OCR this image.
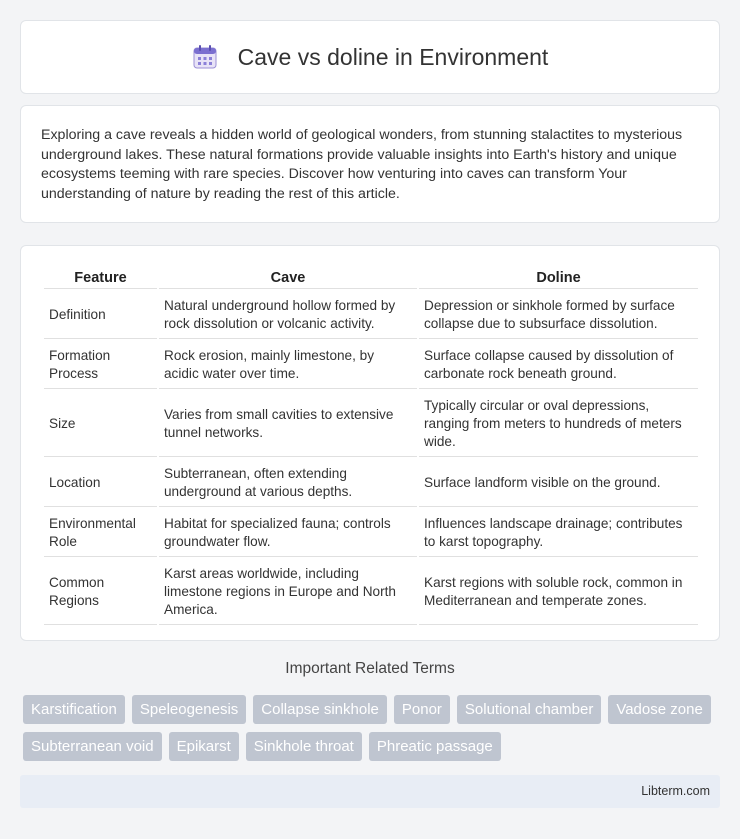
Cave vs doline in Environment

Exploring a cave reveals a hidden world of geological wonders, from stunning stalactites to mysterious underground lakes. These natural formations provide valuable insights into Earth's history and unique ecosystems teeming with rare species. Discover how venturing into caves can transform Your understanding of nature by reading the rest of this article.

Feature	Cave	Doline
Definition	Natural underground hollow formed by rock dissolution or volcanic activity.	Depression or sinkhole formed by surface collapse due to subsurface dissolution.
Formation Process	Rock erosion, mainly limestone, by acidic water over time.	Surface collapse caused by dissolution of carbonate rock beneath ground.
Size	Varies from small cavities to extensive tunnel networks.	Typically circular or oval depressions, ranging from meters to hundreds of meters wide.
Location	Subterranean, often extending underground at various depths.	Surface landform visible on the ground.
Environmental Role	Habitat for specialized fauna; controls groundwater flow.	Influences landscape drainage; contributes to karst topography.
Common Regions	Karst areas worldwide, including limestone regions in Europe and North America.	Karst regions with soluble rock, common in Mediterranean and temperate zones.
Important Related Terms
Karstification	Speleogenesis	Collapse sinkhole	Ponor	Solutional chamber	Vadose zone
Subterranean void	Epikarst	Sinkhole throat	Phreatic passage
Libterm.com
